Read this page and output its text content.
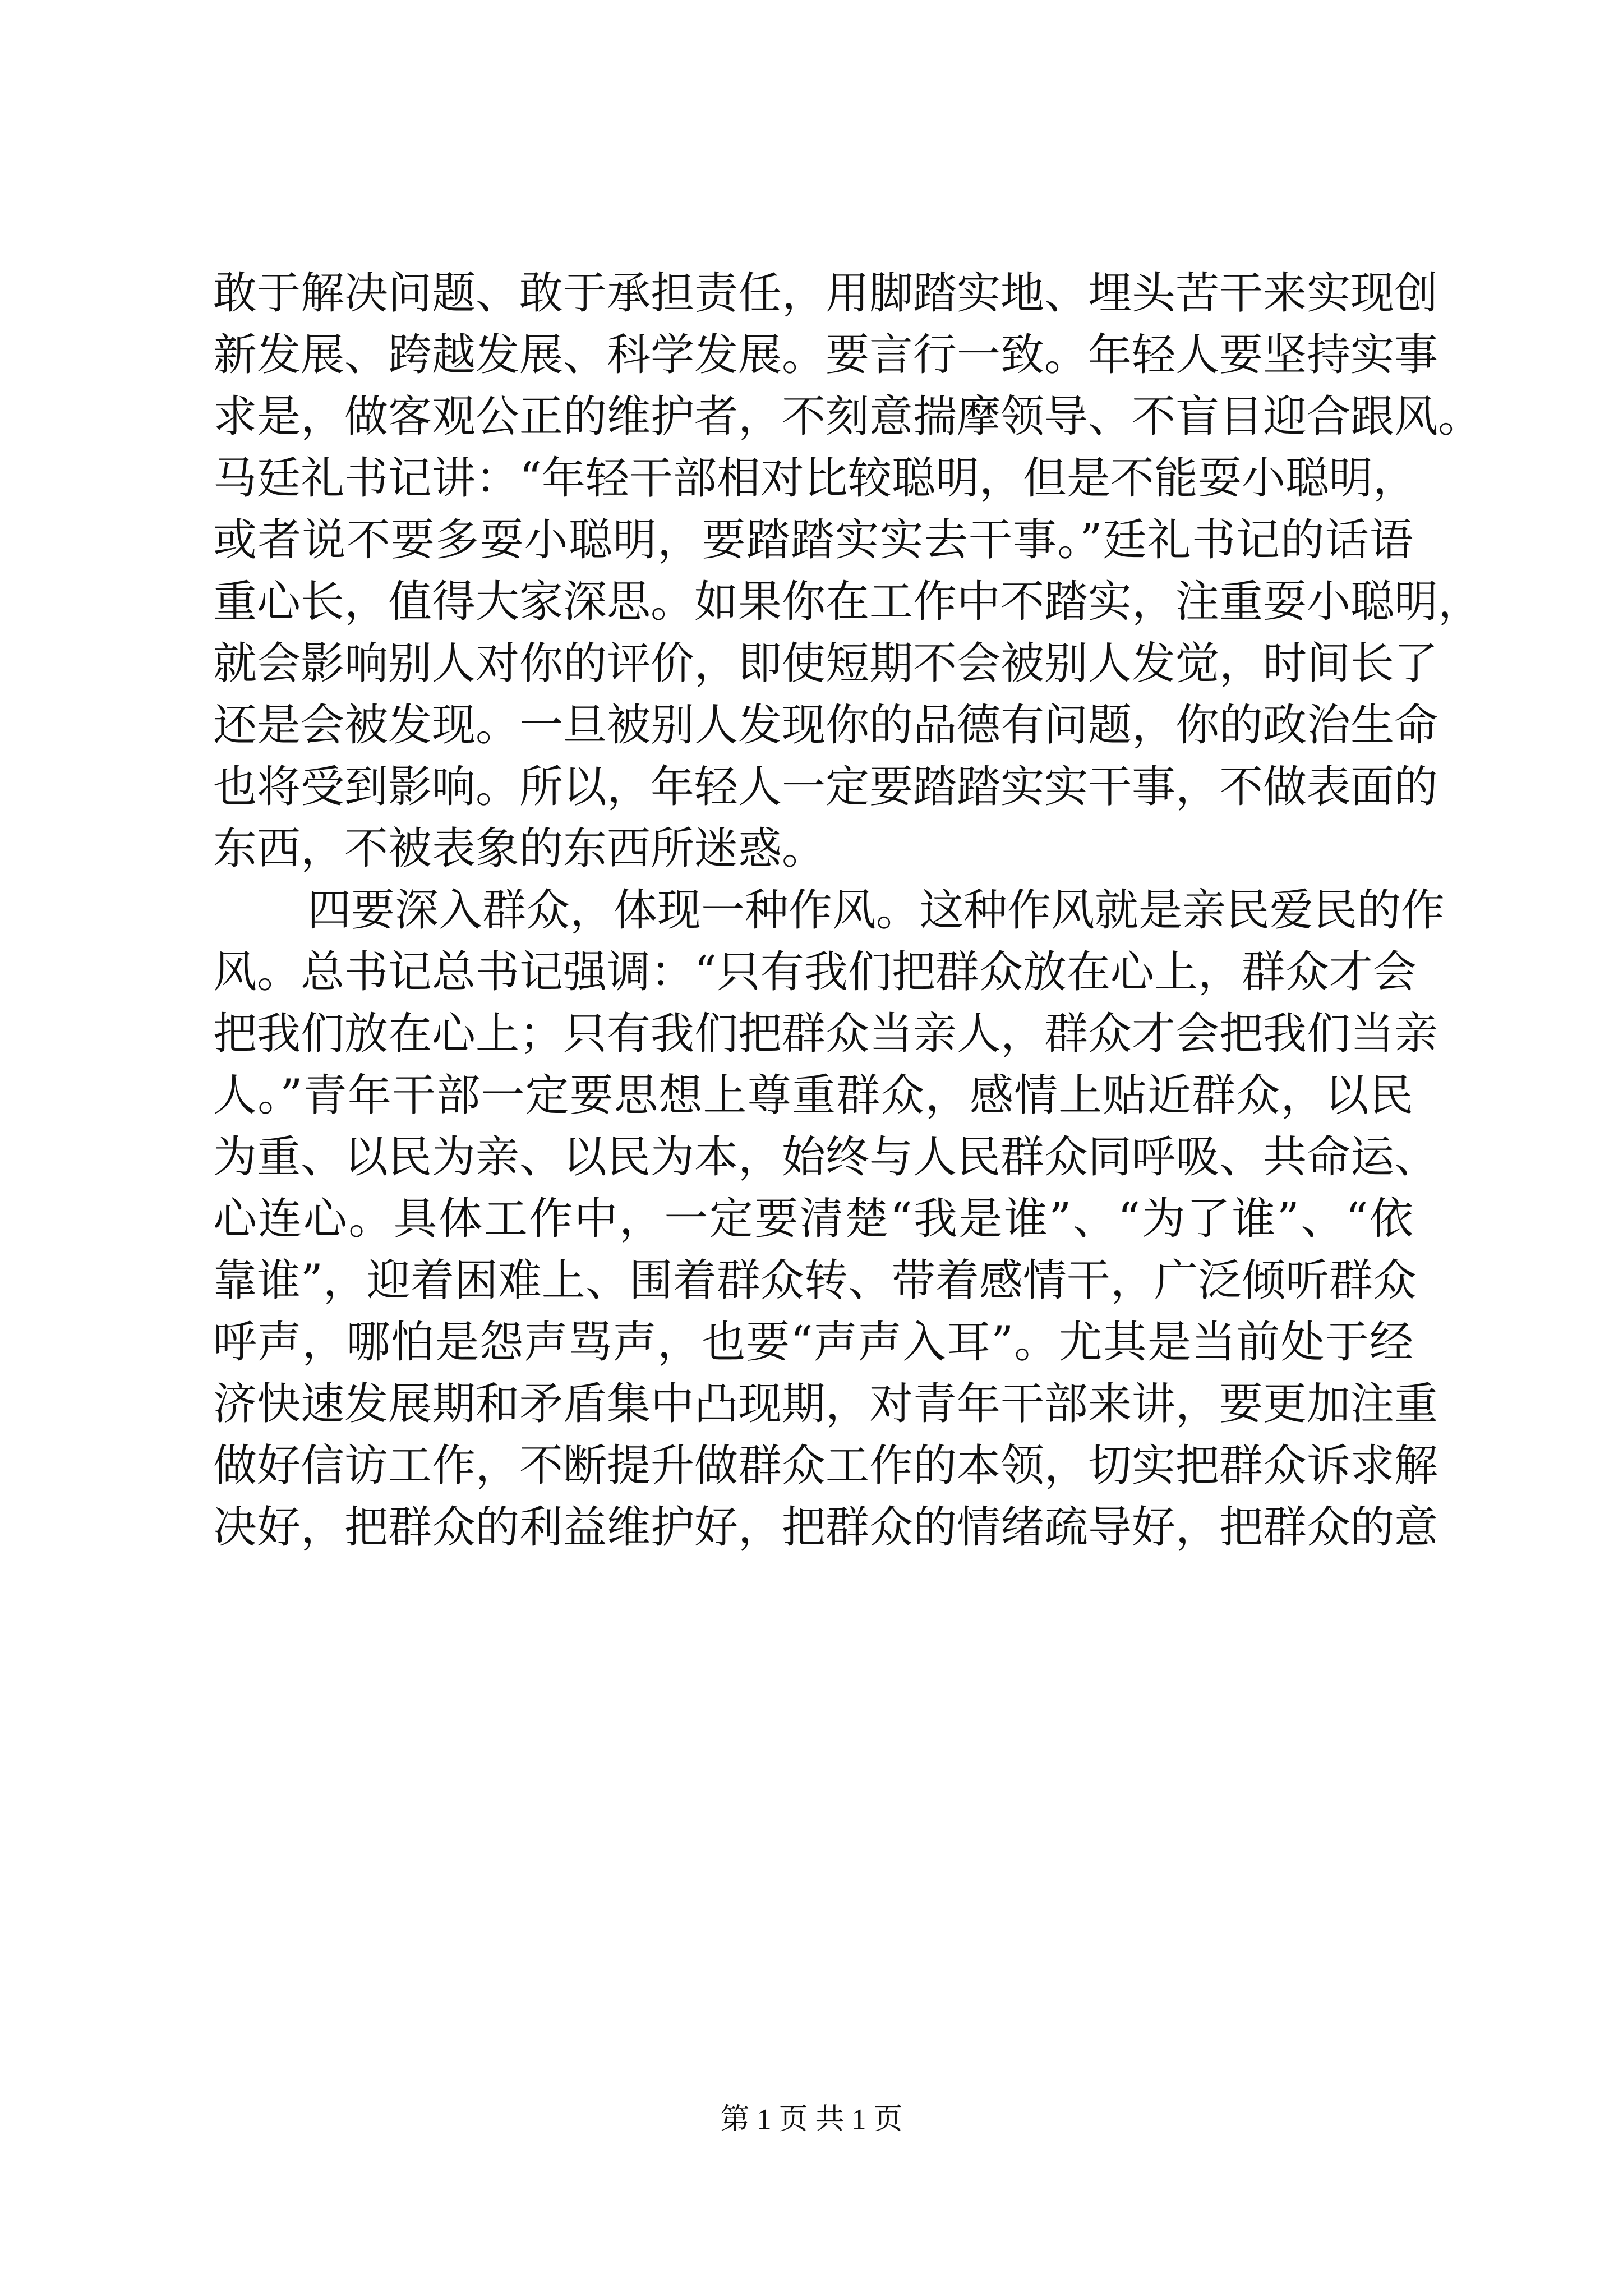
敢于解决问题、敢于承担责任，用脚踏实地、埋头苦干来实现创
新发展、跨越发展、科学发展。要言行一致。年轻人要坚持实事
求是，做客观公正的维护者，不刻意揣摩领导、不盲目迎合跟风。
马廷礼书记讲：“年轻干部相对比较聪明，但是不能耍小聪明，
或者说不要多耍小聪明，要踏踏实实去干事。”廷礼书记的话语
重心长，值得大家深思。如果你在工作中不踏实，注重耍小聪明，
就会影响别人对你的评价，即使短期不会被别人发觉，时间长了
还是会被发现。一旦被别人发现你的品德有问题，你的政治生命
也将受到影响。所以，年轻人一定要踏踏实实干事，不做表面的
东西，不被表象的东西所迷惑。
四要深入群众，体现一种作风。这种作风就是亲民爱民的作
风。总书记总书记强调：“只有我们把群众放在心上，群众才会
把我们放在心上；只有我们把群众当亲人，群众才会把我们当亲
人。”青年干部一定要思想上尊重群众，感情上贴近群众，以民
为重、以民为亲、以民为本，始终与人民群众同呼吸、共命运、
心连心。具体工作中，一定要清楚“我是谁”、“为了谁”、“依
靠谁”，迎着困难上、围着群众转、带着感情干，广泛倾听群众
呼声，哪怕是怨声骂声，也要“声声入耳”。尤其是当前处于经
济快速发展期和矛盾集中凸现期，对青年干部来讲，要更加注重
做好信访工作，不断提升做群众工作的本领，切实把群众诉求解
决好，把群众的利益维护好，把群众的情绪疏导好，把群众的意
第 1 页 共 1 页
